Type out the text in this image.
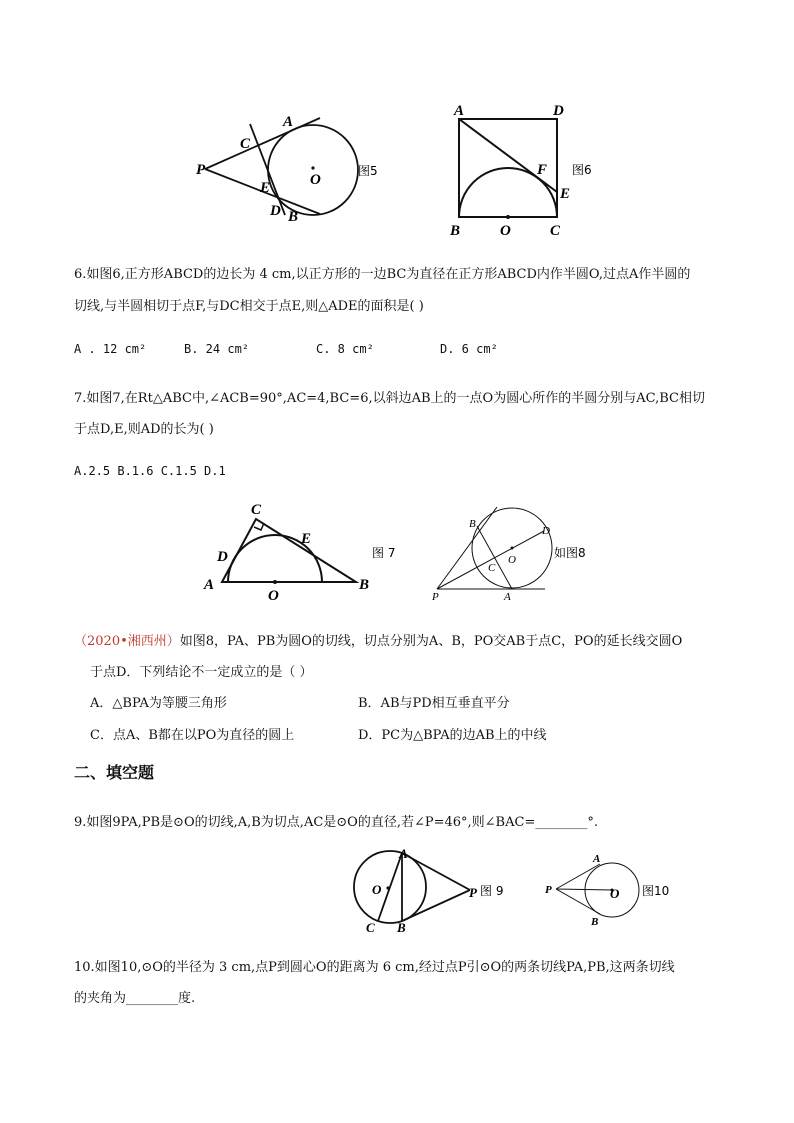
P
A
C
O
E
D B
图5
A	D
F
E
B	O	C
图6
6.如图6,正方形ABCD的边长为 4 cm,以正方形的一边BC为直径在正方形ABCD内作半圆O,过点A作半圆的
切线,与半圆相切于点F,与DC相交于点E,则△ADE的面积是( )
A . 12 cm²	B. 24 cm²	C. 8 cm²	D. 6 cm²
7.如图7,在Rt△ABC中,∠ACB=90°,AC=4,BC=6,以斜边AB上的一点O为圆心所作的半圆分别与AC,BC相切
于点D,E,则AD的长为( )
A.2.5 B.1.6 C.1.5 D.1
C
D
E
A
O
B
图 7
B
D
C
O
P	A
如图8
（2020•湘西州）如图8，PA、PB为圆O的切线，切点分别为A、B，PO交AB于点C，PO的延长线交圆O
于点D．下列结论不一定成立的是（ ）
A．△BPA为等腰三角形	B．AB与PD相互垂直平分
C．点A、B都在以PO为直径的圆上	D．PC为△BPA的边AB上的中线
二、填空题
9.如图9PA,PB是⊙O的切线,A,B为切点,AC是⊙O的直径,若∠P=46°,则∠BAC=________°.
A
O	P
C B
图 9
A
P	O
B
图10
10.如图10,⊙O的半径为 3 cm,点P到圆心O的距离为 6 cm,经过点P引⊙O的两条切线PA,PB,这两条切线
的夹角为________度.
